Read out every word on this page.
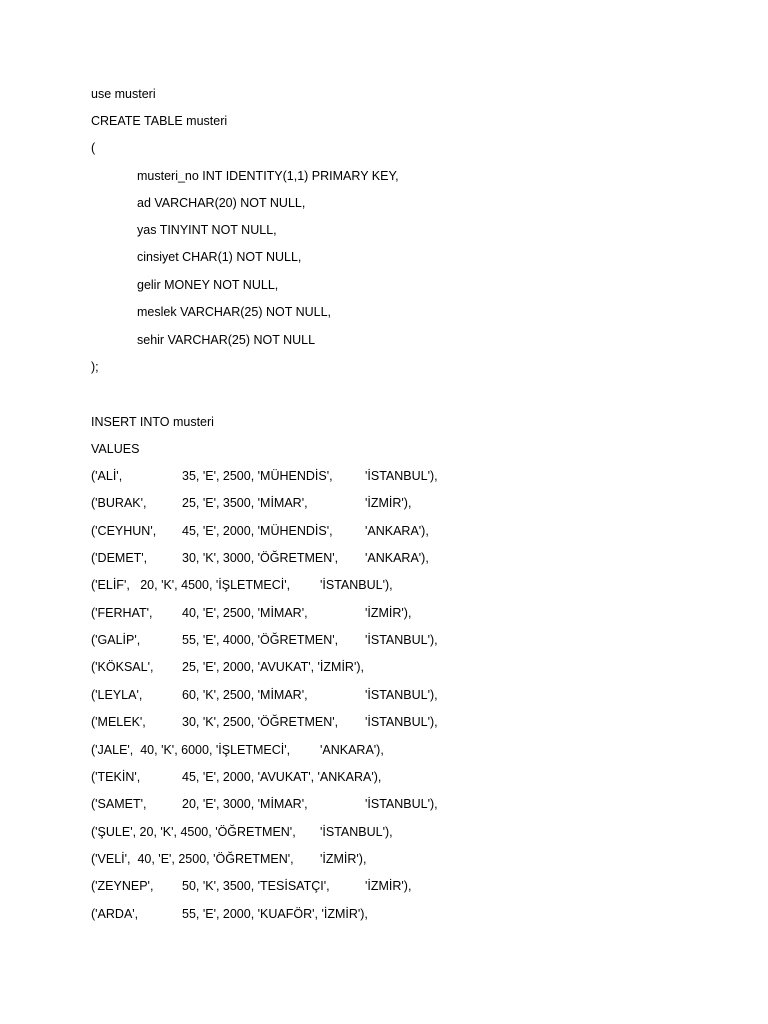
use musteri
CREATE TABLE musteri
(
musteri_no INT IDENTITY(1,1) PRIMARY KEY,
ad VARCHAR(20) NOT NULL,
yas TINYINT NOT NULL,
cinsiyet CHAR(1) NOT NULL,
gelir MONEY NOT NULL,
meslek VARCHAR(25) NOT NULL,
sehir VARCHAR(25) NOT NULL
);
INSERT INTO musteri
VALUES
('ALİ',	35, 'E', 2500, 'MÜHENDİS',	'İSTANBUL'),
('BURAK',	25, 'E', 3500, 'MİMAR',	'İZMİR'),
('CEYHUN', 45, 'E', 2000, 'MÜHENDİS',	'ANKARA'),
('DEMET',	30, 'K', 3000, 'ÖĞRETMEN', 'ANKARA'),
('ELİF',   20, 'K', 4500, 'İŞLETMECİ', 'İSTANBUL'),
('FERHAT', 40, 'E', 2500, 'MİMAR',	'İZMİR'),
('GALİP',	55, 'E', 4000, 'ÖĞRETMEN', 'İSTANBUL'),
('KÖKSAL', 25, 'E', 2000, 'AVUKAT', 'İZMİR'),
('LEYLA',	60, 'K', 2500, 'MİMAR',	'İSTANBUL'),
('MELEK',	30, 'K', 2500, 'ÖĞRETMEN', 'İSTANBUL'),
('JALE',  40, 'K', 6000, 'İŞLETMECİ', 'ANKARA'),
('TEKİN',	45, 'E', 2000, 'AVUKAT', 'ANKARA'),
('SAMET',	20, 'E', 3000, 'MİMAR',	'İSTANBUL'),
('ŞULE', 20, 'K', 4500, 'ÖĞRETMEN', 'İSTANBUL'),
('VELİ',  40, 'E', 2500, 'ÖĞRETMEN', 'İZMİR'),
('ZEYNEP', 50, 'K', 3500, 'TESİSATÇI',	'İZMİR'),
('ARDA',	55, 'E', 2000, 'KUAFÖR', 'İZMİR'),
